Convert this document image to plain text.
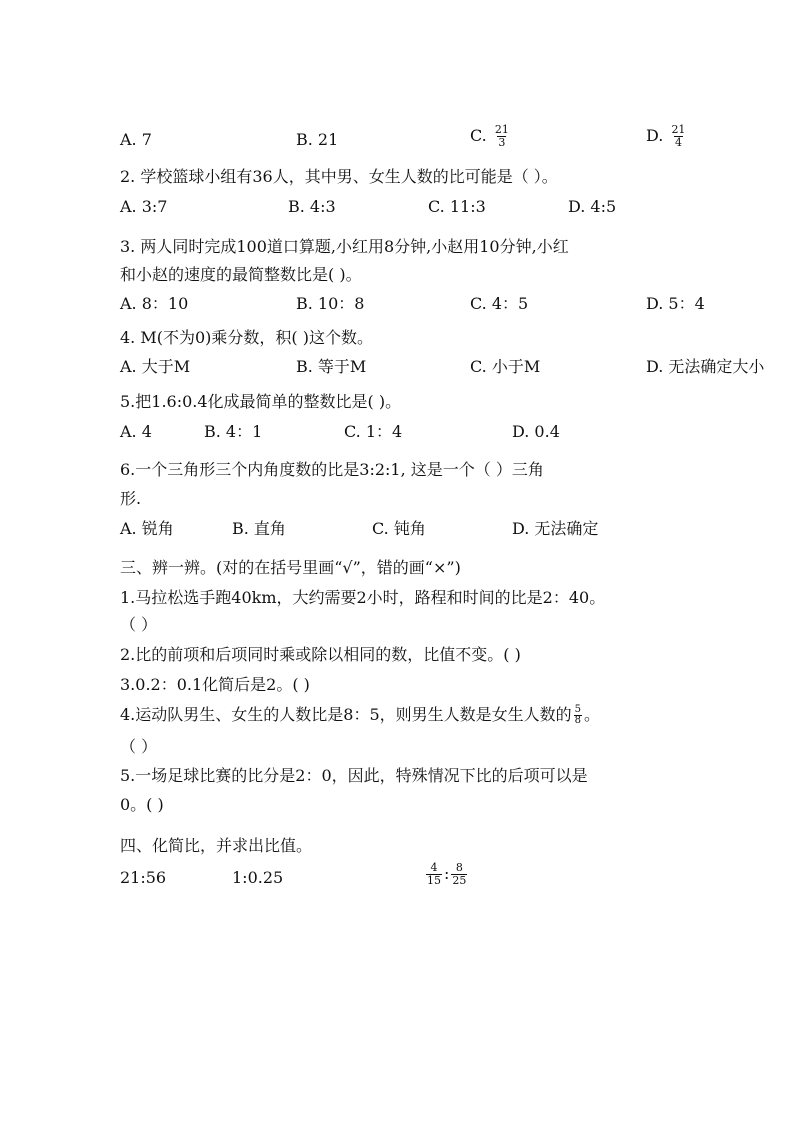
A. 7	B. 21	C. $\frac{21}{3}$	D. $\frac{21}{4}$
2. 学校篮球小组有36人，其中男、女生人数的比可能是（ ）。
A. 3:7	B. 4:3	C. 11:3	D. 4:5
3. 两人同时完成100道口算题,小红用8分钟,小赵用10分钟,小红
和小赵的速度的最简整数比是( )。
A. 8：10	B. 10：8	C. 4：5	D. 5：4
4. M(不为0)乘分数，积( )这个数。
A. 大于M	B. 等于M	C. 小于M	D. 无法确定大小
5.把1.6:0.4化成最简单的整数比是( )。
A. 4	B. 4：1	C. 1：4	D. 0.4
6.一个三角形三个内角度数的比是3:2:1, 这是一个（ ）三角
形.
A. 锐角	B. 直角	C. 钝角	D. 无法确定
三、辨一辨。(对的在括号里画“√”，错的画“×”)
1.马拉松选手跑40km，大约需要2小时，路程和时间的比是2：40。
（ ）
2.比的前项和后项同时乘或除以相同的数，比值不变。( )
3.0.2：0.1化简后是2。( )
4.运动队男生、女生的人数比是8：5，则男生人数是女生人数的 $\frac{5}{8}$ 。
（ ）
5.一场足球比赛的比分是2：0，因此，特殊情况下比的后项可以是
0。( )
四、化简比，并求出比值。
21:56	1:0.25	$\frac{4}{15}$ : $\frac{8}{25}$
